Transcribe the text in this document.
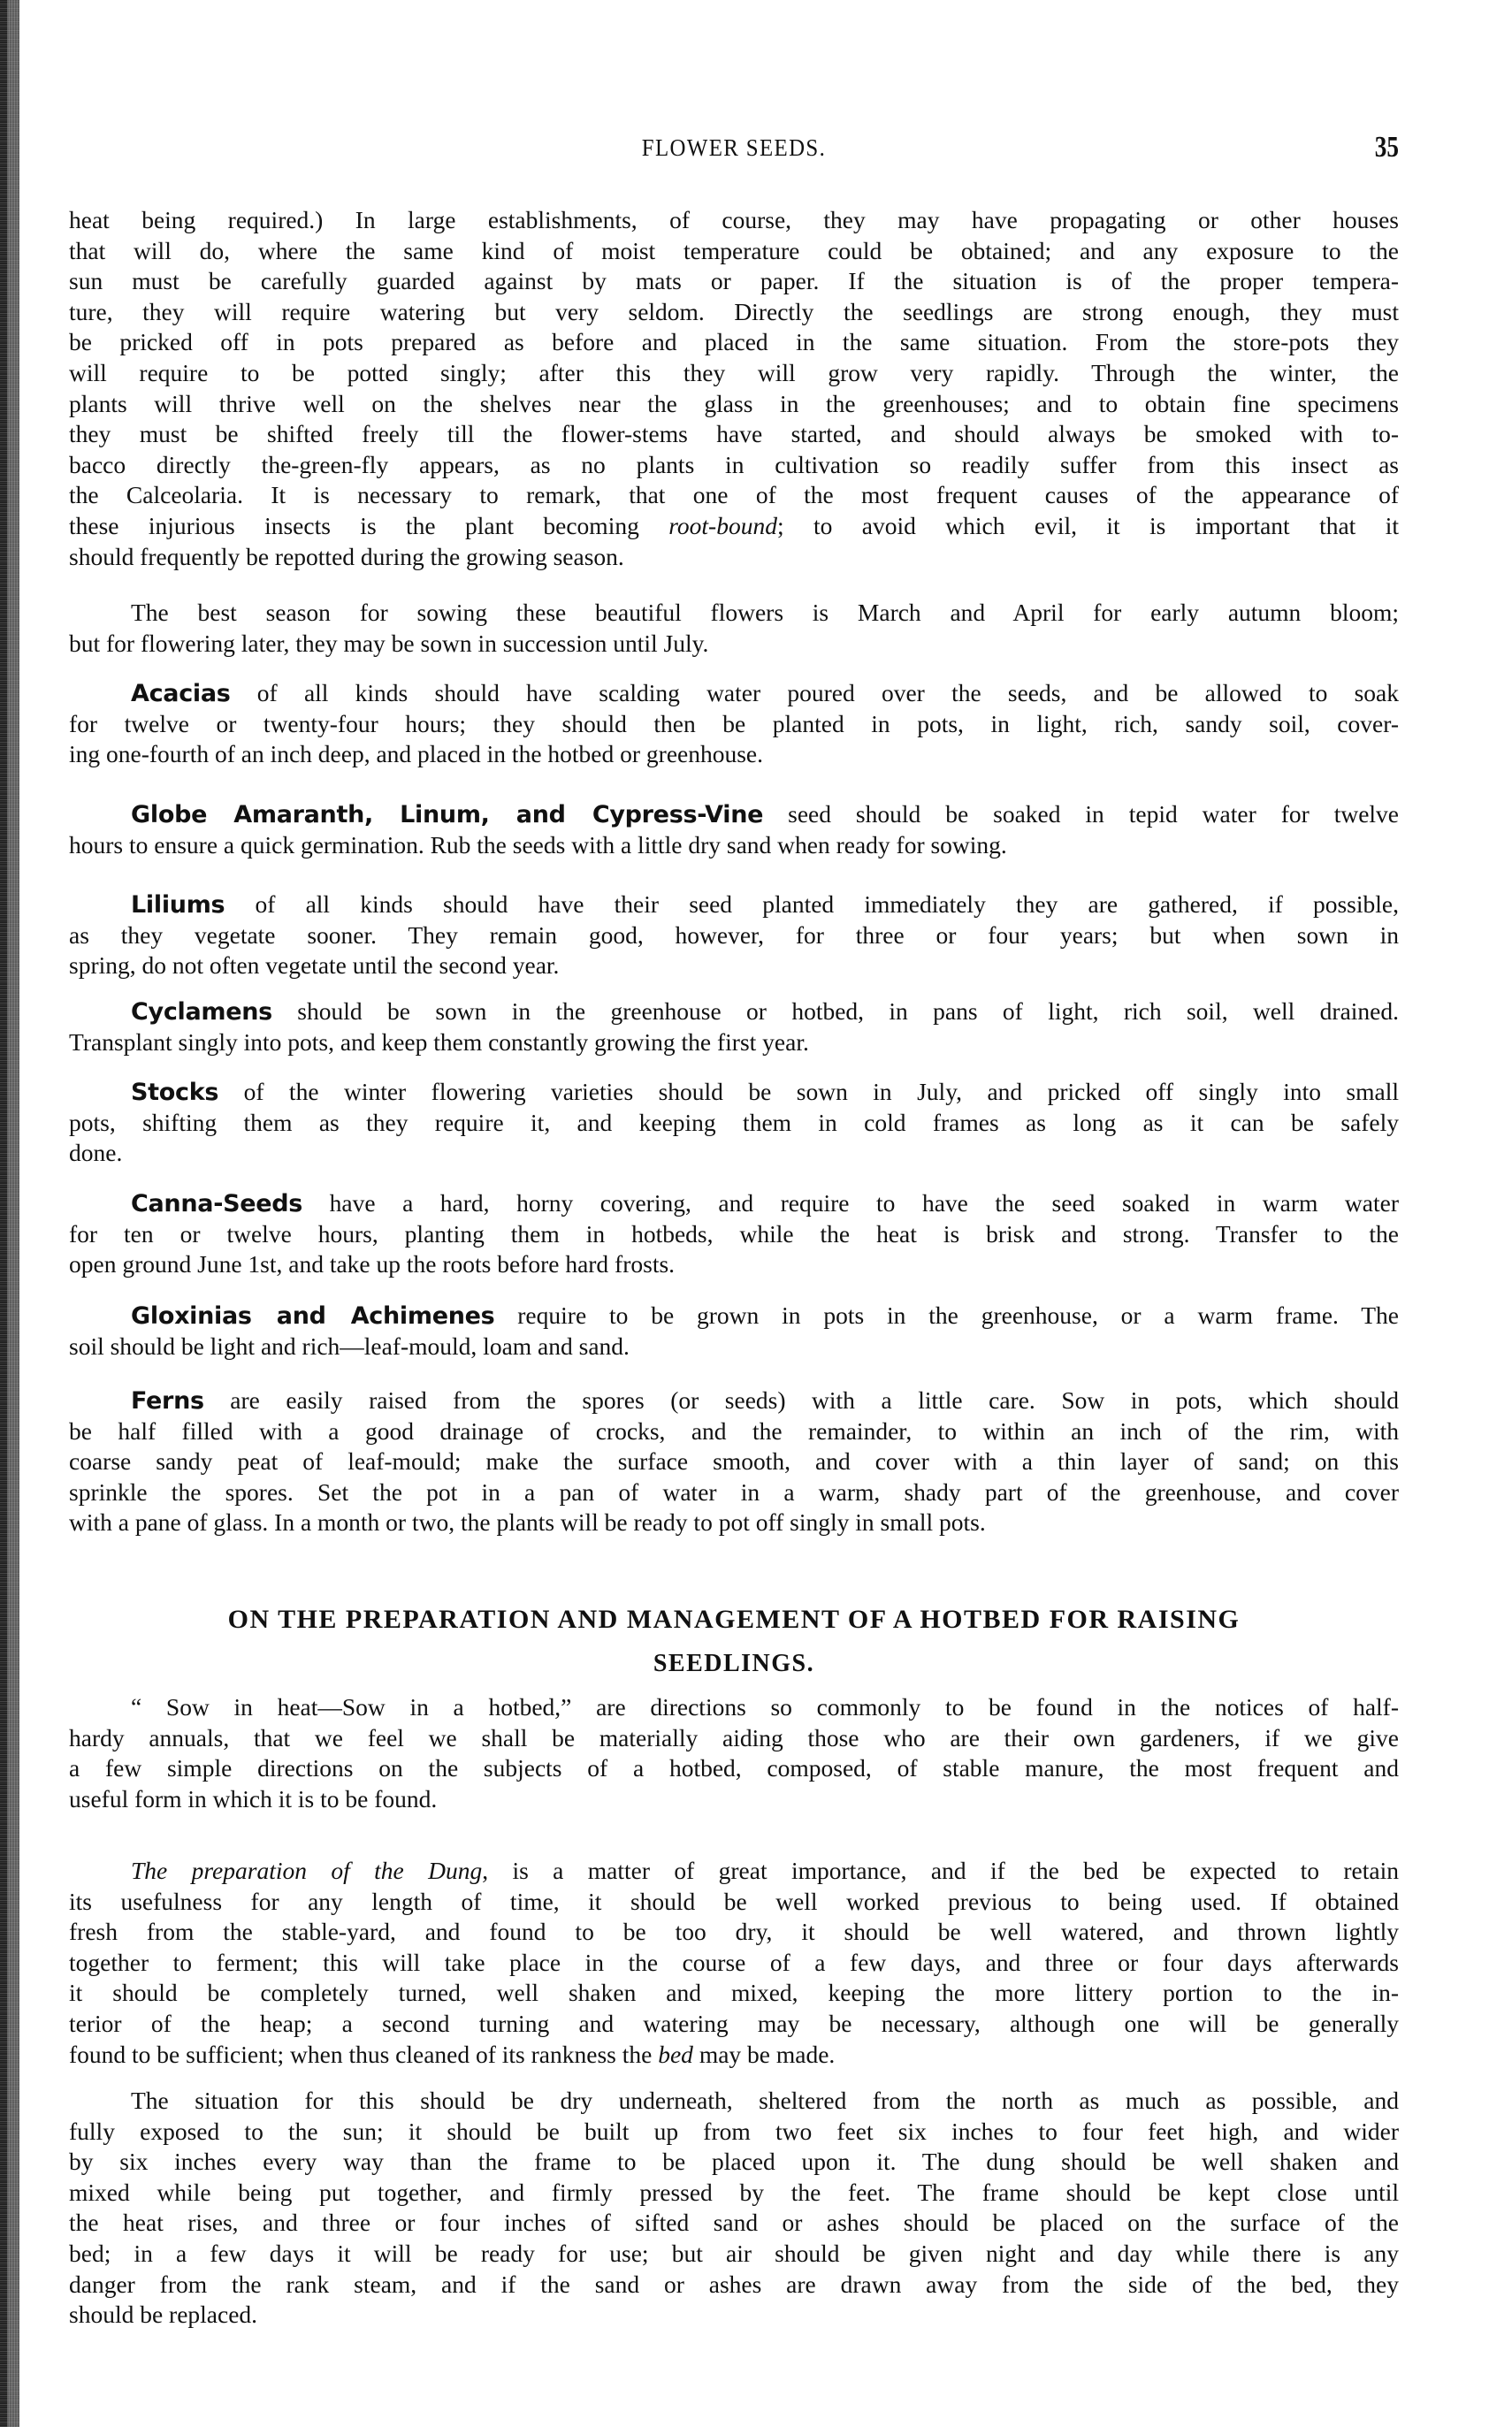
FLOWER SEEDS.	35
heat being required.) In large establishments, of course, they may have propagating or other houses
that will do, where the same kind of moist temperature could be obtained; and any exposure to the
sun must be carefully guarded against by mats or paper. If the situation is of the proper tempera-
ture, they will require watering but very seldom. Directly the seedlings are strong enough, they must
be pricked off in pots prepared as before and placed in the same situation. From the store-pots they
will require to be potted singly; after this they will grow very rapidly. Through the winter, the
plants will thrive well on the shelves near the glass in the greenhouses; and to obtain fine specimens
they must be shifted freely till the flower-stems have started, and should always be smoked with to-
bacco directly the-green-fly appears, as no plants in cultivation so readily suffer from this insect as
the Calceolaria. It is necessary to remark, that one of the most frequent causes of the appearance of
these injurious insects is the plant becoming root-bound; to avoid which evil, it is important that it
should frequently be repotted during the growing season.
The best season for sowing these beautiful flowers is March and April for early autumn bloom;
but for flowering later, they may be sown in succession until July.
Acacias of all kinds should have scalding water poured over the seeds, and be allowed to soak
for twelve or twenty-four hours; they should then be planted in pots, in light, rich, sandy soil, cover-
ing one-fourth of an inch deep, and placed in the hotbed or greenhouse.
Globe Amaranth, Linum, and Cypress-Vine seed should be soaked in tepid water for twelve
hours to ensure a quick germination. Rub the seeds with a little dry sand when ready for sowing.
Liliums of all kinds should have their seed planted immediately they are gathered, if possible,
as they vegetate sooner. They remain good, however, for three or four years; but when sown in
spring, do not often vegetate until the second year.
Cyclamens should be sown in the greenhouse or hotbed, in pans of light, rich soil, well drained.
Transplant singly into pots, and keep them constantly growing the first year.
Stocks of the winter flowering varieties should be sown in July, and pricked off singly into small
pots, shifting them as they require it, and keeping them in cold frames as long as it can be safely
done.
Canna-Seeds have a hard, horny covering, and require to have the seed soaked in warm water
for ten or twelve hours, planting them in hotbeds, while the heat is brisk and strong. Transfer to the
open ground June 1st, and take up the roots before hard frosts.
Gloxinias and Achimenes require to be grown in pots in the greenhouse, or a warm frame. The
soil should be light and rich—leaf-mould, loam and sand.
Ferns are easily raised from the spores (or seeds) with a little care. Sow in pots, which should
be half filled with a good drainage of crocks, and the remainder, to within an inch of the rim, with
coarse sandy peat of leaf-mould; make the surface smooth, and cover with a thin layer of sand; on this
sprinkle the spores. Set the pot in a pan of water in a warm, shady part of the greenhouse, and cover
with a pane of glass. In a month or two, the plants will be ready to pot off singly in small pots.
ON THE PREPARATION AND MANAGEMENT OF A HOTBED FOR RAISING
SEEDLINGS.
“ Sow in heat—Sow in a hotbed,” are directions so commonly to be found in the notices of half-
hardy annuals, that we feel we shall be materially aiding those who are their own gardeners, if we give
a few simple directions on the subjects of a hotbed, composed, of stable manure, the most frequent and
useful form in which it is to be found.
The preparation of the Dung, is a matter of great importance, and if the bed be expected to retain
its usefulness for any length of time, it should be well worked previous to being used. If obtained
fresh from the stable-yard, and found to be too dry, it should be well watered, and thrown lightly
together to ferment; this will take place in the course of a few days, and three or four days afterwards
it should be completely turned, well shaken and mixed, keeping the more littery portion to the in-
terior of the heap; a second turning and watering may be necessary, although one will be generally
found to be sufficient; when thus cleaned of its rankness the bed may be made.
The situation for this should be dry underneath, sheltered from the north as much as possible, and
fully exposed to the sun; it should be built up from two feet six inches to four feet high, and wider
by six inches every way than the frame to be placed upon it. The dung should be well shaken and
mixed while being put together, and firmly pressed by the feet. The frame should be kept close until
the heat rises, and three or four inches of sifted sand or ashes should be placed on the surface of the
bed; in a few days it will be ready for use; but air should be given night and day while there is any
danger from the rank steam, and if the sand or ashes are drawn away from the side of the bed, they
should be replaced.
